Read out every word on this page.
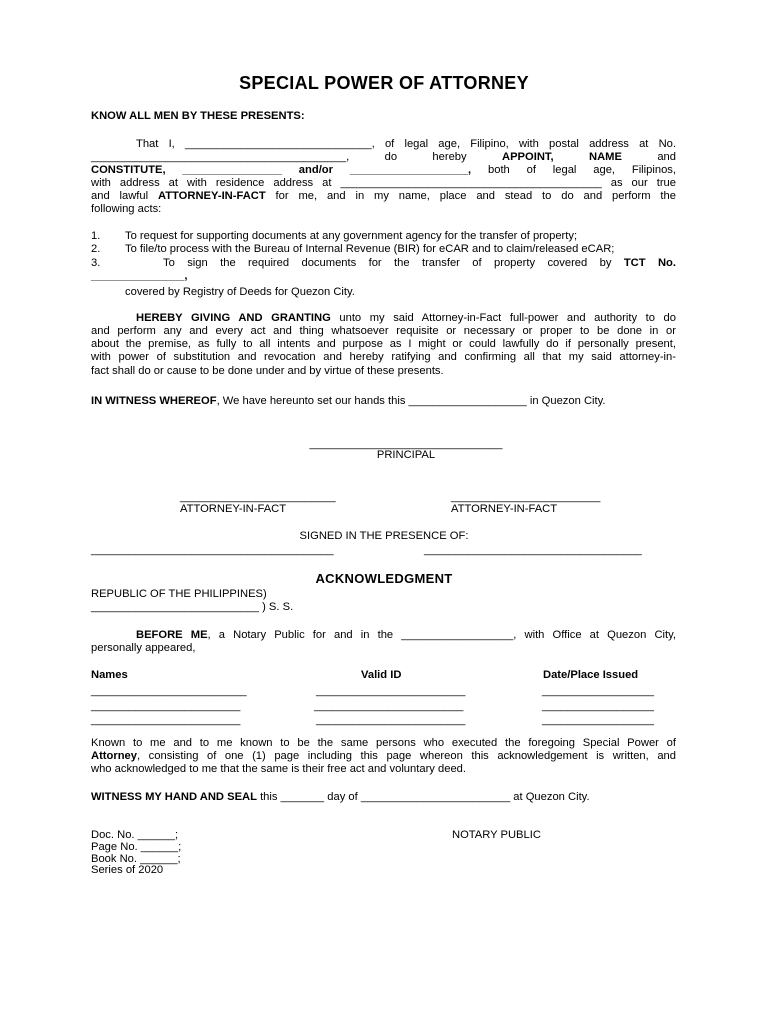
SPECIAL POWER OF ATTORNEY
KNOW ALL MEN BY THESE PRESENTS:
That I, ______________________________, of legal age, Filipino, with postal address at No.
_________________________________________, do hereby APPOINT, NAME and
CONSTITUTE, ________________ and/or ___________________, both of legal age, Filipinos,
with address at with residence address at __________________________________________ as our true
and lawful ATTORNEY-IN-FACT for me, and in my name, place and stead to do and perform the
following acts:
1. To request for supporting documents at any government agency for the transfer of property;
2. To file/to process with the Bureau of Internal Revenue (BIR) for eCAR and to claim/released eCAR;
3.	To sign the required documents for the transfer of property covered by TCT No.
_______________,
covered by Registry of Deeds for Quezon City.
HEREBY GIVING AND GRANTING unto my said Attorney-in-Fact full-power and authority to do
and perform any and every act and thing whatsoever requisite or necessary or proper to be done in or
about the premise, as fully to all intents and purpose as I might or could lawfully do if personally present,
with power of substitution and revocation and hereby ratifying and confirming all that my said attorney-in-
fact shall do or cause to be done under and by virtue of these presents.
IN WITNESS WHEREOF, We have hereunto set our hands this ___________________ in Quezon City.
_______________________________
PRINCIPAL
_________________________
ATTORNEY-IN-FACT
________________________
ATTORNEY-IN-FACT
SIGNED IN THE PRESENCE OF:
_______________________________________	___________________________________
ACKNOWLEDGMENT
REPUBLIC OF THE PHILIPPINES)
___________________________ ) S. S.
BEFORE ME, a Notary Public for and in the __________________, with Office at Quezon City,
personally appeared,
Names	Valid ID	Date/Place Issued
_________________________	________________________	__________________
________________________	________________________	__________________
________________________	________________________	__________________
Known to me and to me known to be the same persons who executed the foregoing Special Power of
Attorney, consisting of one (1) page including this page whereon this acknowledgement is written, and
who acknowledged to me that the same is their free act and voluntary deed.
WITNESS MY HAND AND SEAL this _______ day of ________________________ at Quezon City.
Doc. No. ______;
Page No. ______;
Book No. ______;
Series of 2020
NOTARY PUBLIC
